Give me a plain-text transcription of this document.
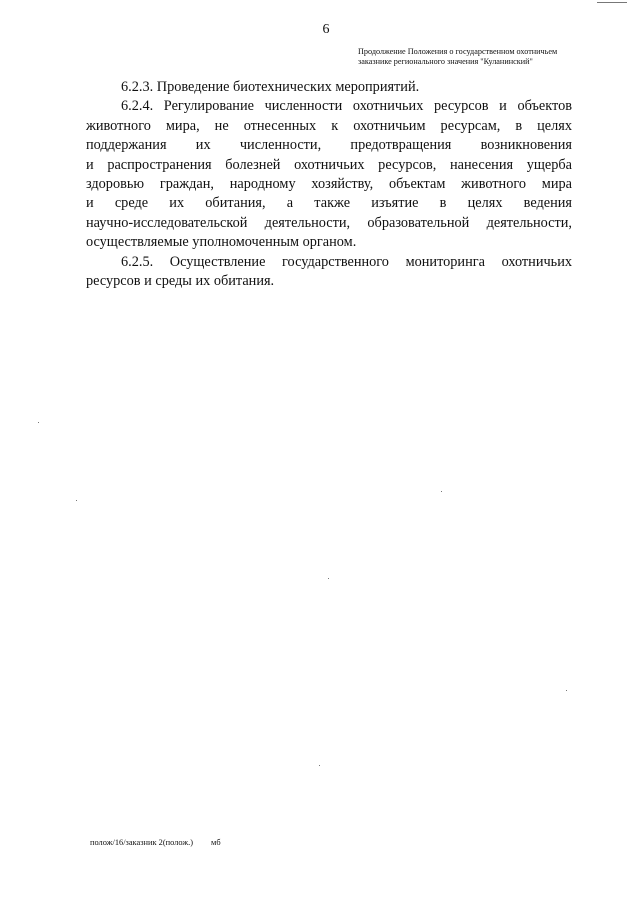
6
Продолжение Положения о государственном охотничьем
заказнике регионального значения "Куланинский"

6.2.3. Проведение биотехнических мероприятий.

6.2.4. Регулирование численности охотничьих ресурсов и объектов
животного мира, не отнесенных к охотничьим ресурсам, в целях
поддержания их численности, предотвращения возникновения
и распространения болезней охотничьих ресурсов, нанесения ущерба
здоровью граждан, народному хозяйству, объектам животного мира
и среде их обитания, а также изъятие в целях ведения
научно-исследовательской деятельности, образовательной деятельности,
осуществляемые уполномоченным органом.

6.2.5. Осуществление государственного мониторинга охотничьих
ресурсов и среды их обитания.

полож/16/заказник 2(полож.) мб
